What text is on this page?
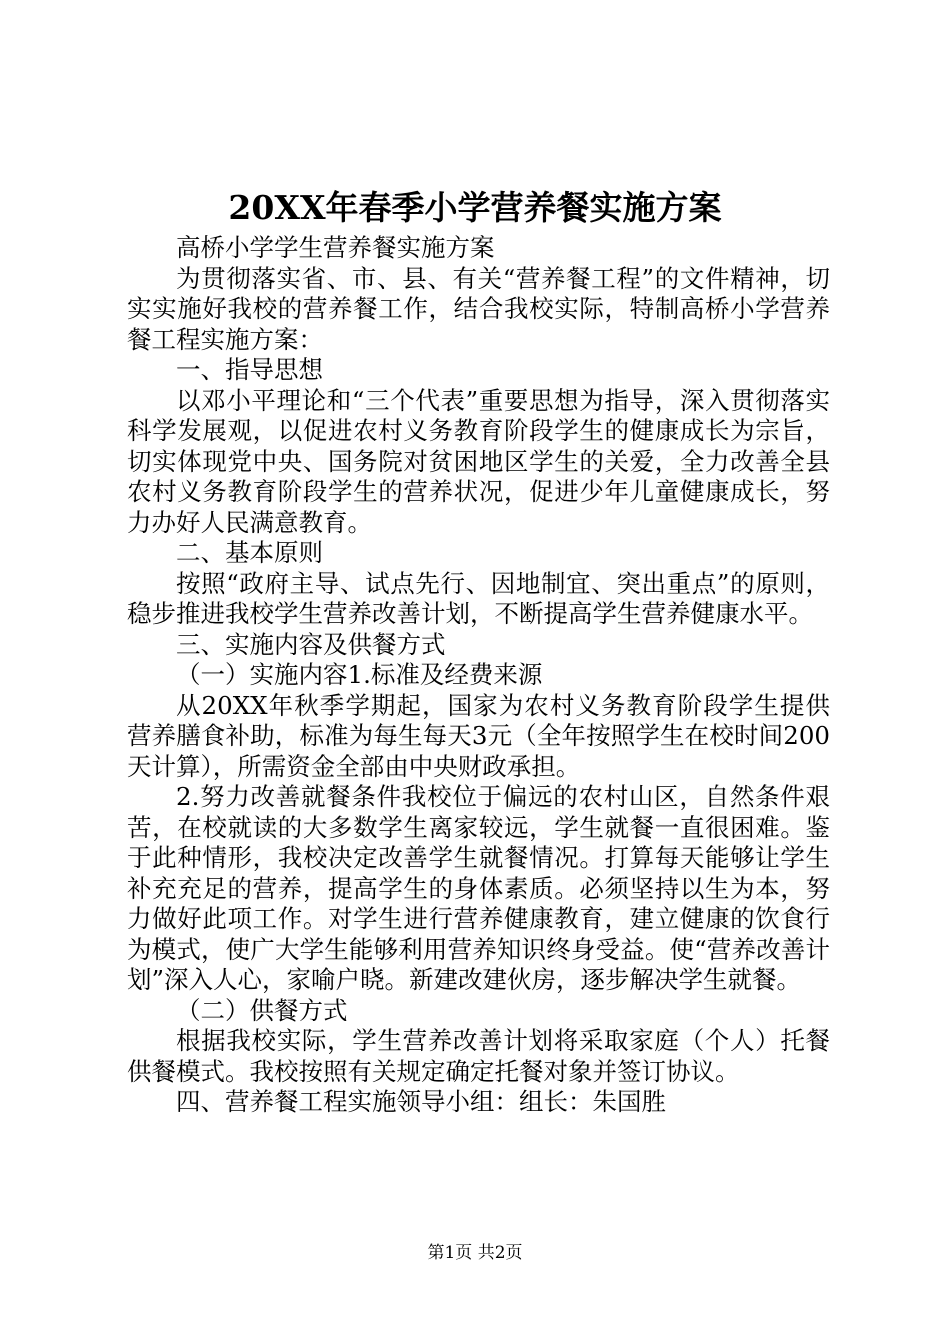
20XX年春季小学营养餐实施方案

高桥小学学生营养餐实施方案

为贯彻落实省、市、县、有关“营养餐工程”的文件精神，切实实施好我校的营养餐工作，结合我校实际，特制高桥小学营养餐工程实施方案：

一、指导思想

以邓小平理论和“三个代表”重要思想为指导，深入贯彻落实科学发展观，以促进农村义务教育阶段学生的健康成长为宗旨，切实体现党中央、国务院对贫困地区学生的关爱，全力改善全县农村义务教育阶段学生的营养状况，促进少年儿童健康成长，努力办好人民满意教育。

二、基本原则

按照“政府主导、试点先行、因地制宜、突出重点”的原则，稳步推进我校学生营养改善计划，不断提高学生营养健康水平。

三、实施内容及供餐方式

（一）实施内容1.标准及经费来源

从20XX年秋季学期起，国家为农村义务教育阶段学生提供营养膳食补助，标准为每生每天3元（全年按照学生在校时间200天计算），所需资金全部由中央财政承担。

2.努力改善就餐条件我校位于偏远的农村山区，自然条件艰苦，在校就读的大多数学生离家较远，学生就餐一直很困难。鉴于此种情形，我校决定改善学生就餐情况。打算每天能够让学生补充充足的营养，提高学生的身体素质。必须坚持以生为本，努力做好此项工作。对学生进行营养健康教育，建立健康的饮食行为模式，使广大学生能够利用营养知识终身受益。使“营养改善计划”深入人心，家喻户晓。新建改建伙房，逐步解决学生就餐。

（二）供餐方式

根据我校实际，学生营养改善计划将采取家庭（个人）托餐供餐模式。我校按照有关规定确定托餐对象并签订协议。

四、营养餐工程实施领导小组：组长：朱国胜

第1页 共2页
